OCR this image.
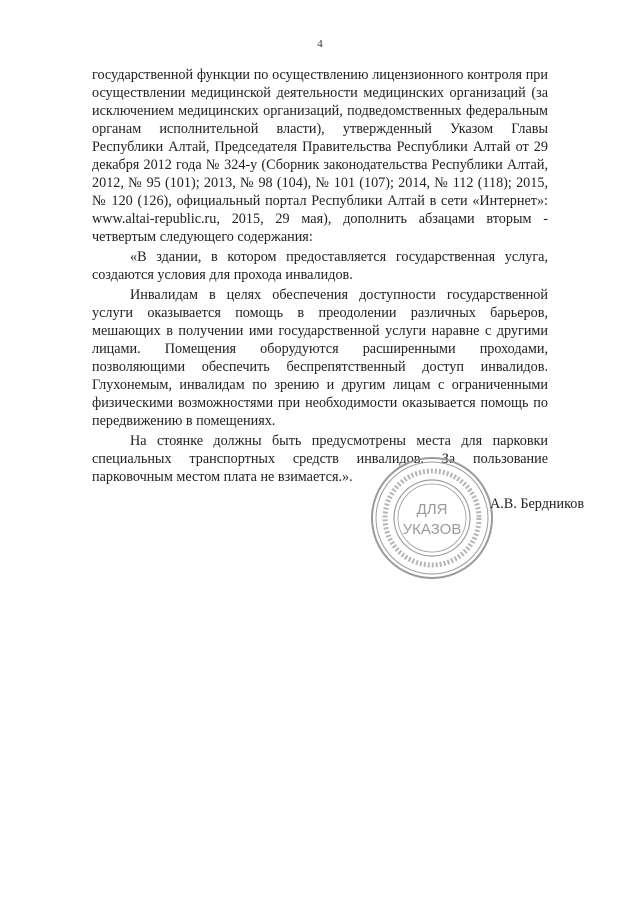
4

государственной функции по осуществлению лицензионного контроля при осуществлении медицинской деятельности медицинских организаций (за исключением медицинских организаций, подведомственных федеральным органам исполнительной власти), утвержденный Указом Главы Республики Алтай, Председателя Правительства Республики Алтай от 29 декабря 2012 года № 324-у (Сборник законодательства Республики Алтай, 2012, № 95 (101); 2013, № 98 (104), № 101 (107); 2014, № 112 (118); 2015, № 120 (126), официальный портал Республики Алтай в сети «Интернет»: www.altai-republic.ru, 2015, 29 мая), дополнить абзацами вторым - четвертым следующего содержания:

«В здании, в котором предоставляется государственная услуга, создаются условия для прохода инвалидов.

Инвалидам в целях обеспечения доступности государственной услуги оказывается помощь в преодолении различных барьеров, мешающих в получении ими государственной услуги наравне с другими лицами. Помещения оборудуются расширенными проходами, позволяющими обеспечить беспрепятственный доступ инвалидов. Глухонемым, инвалидам по зрению и другим лицам с ограниченными физическими возможностями при необходимости оказывается помощь по передвижению в помещениях.

На стоянке должны быть предусмотрены места для парковки специальных транспортных средств инвалидов. За пользование парковочным местом плата не взимается.».

ДЛЯ
УКАЗОВ
А.В. Бердников
